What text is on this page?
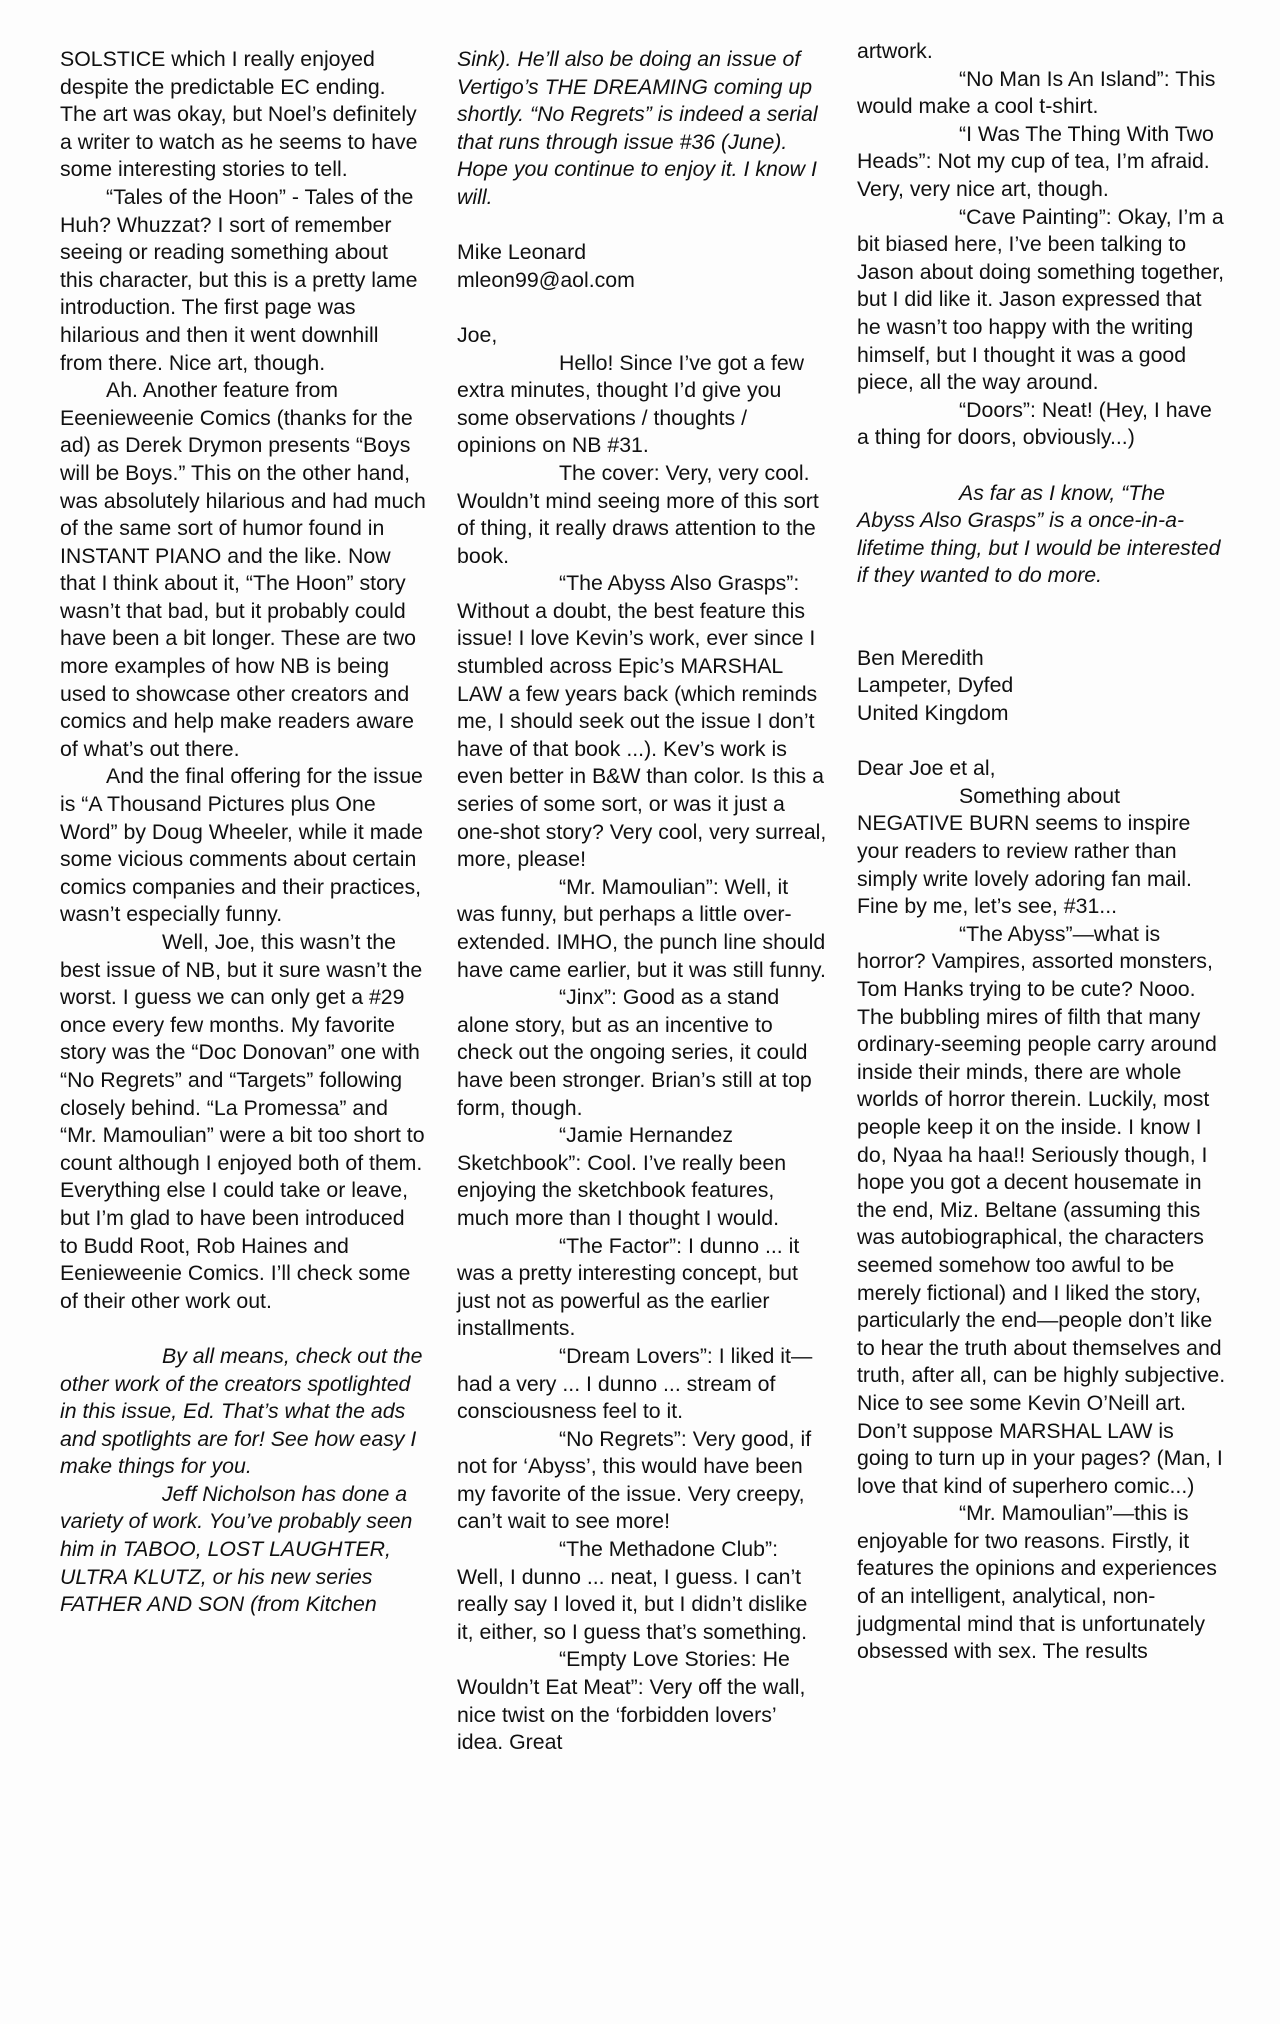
SOLSTICE which I really enjoyed despite the predictable EC ending. The art was okay, but Noel’s definitely a writer to watch as he seems to have some interesting stories to tell.

“Tales of the Hoon” - Tales of the Huh? Whuzzat? I sort of remember seeing or reading something about this character, but this is a pretty lame introduction. The first page was hilarious and then it went downhill from there. Nice art, though.

Ah. Another feature from Eeenieweenie Comics (thanks for the ad) as Derek Drymon presents “Boys will be Boys.” This on the other hand, was absolutely hilarious and had much of the same sort of humor found in INSTANT PIANO and the like. Now that I think about it, “The Hoon” story wasn’t that bad, but it probably could have been a bit longer. These are two more examples of how NB is being used to showcase other creators and comics and help make readers aware of what’s out there.

And the final offering for the issue is “A Thousand Pictures plus One Word” by Doug Wheeler, while it made some vicious comments about certain comics companies and their practices, wasn’t especially funny.

Well, Joe, this wasn’t the best issue of NB, but it sure wasn’t the worst. I guess we can only get a #29 once every few months. My favorite story was the “Doc Donovan” one with “No Regrets” and “Targets” following closely behind. “La Promessa” and “Mr. Mamoulian” were a bit too short to count although I enjoyed both of them. Everything else I could take or leave, but I’m glad to have been introduced to Budd Root, Rob Haines and Eenieweenie Comics. I’ll check some of their other work out.

By all means, check out the other work of the creators spotlighted in this issue, Ed. That’s what the ads and spotlights are for! See how easy I make things for you.

Jeff Nicholson has done a variety of work. You’ve probably seen him in TABOO, LOST LAUGHTER, ULTRA KLUTZ, or his new series FATHER AND SON (from Kitchen

Sink). He’ll also be doing an issue of Vertigo’s THE DREAMING coming up shortly. “No Regrets” is indeed a serial that runs through issue #36 (June). Hope you continue to enjoy it. I know I will.

Mike Leonard

mleon99@aol.com

Joe,

Hello! Since I’ve got a few extra minutes, thought I’d give you some observations / thoughts / opinions on NB #31.

The cover: Very, very cool. Wouldn’t mind seeing more of this sort of thing, it really draws attention to the book.

“The Abyss Also Grasps”: Without a doubt, the best feature this issue! I love Kevin’s work, ever since I stumbled across Epic’s MARSHAL LAW a few years back (which reminds me, I should seek out the issue I don’t have of that book ...). Kev’s work is even better in B&W than color. Is this a series of some sort, or was it just a one-shot story? Very cool, very surreal, more, please!

“Mr. Mamoulian”: Well, it was funny, but perhaps a little over-extended. IMHO, the punch line should have came earlier, but it was still funny.

“Jinx”: Good as a stand alone story, but as an incentive to check out the ongoing series, it could have been stronger. Brian’s still at top form, though.

“Jamie Hernandez Sketchbook”: Cool. I’ve really been enjoying the sketchbook features, much more than I thought I would.

“The Factor”: I dunno ... it was a pretty interesting concept, but just not as powerful as the earlier installments.

“Dream Lovers”: I liked it—had a very ... I dunno ... stream of consciousness feel to it.

“No Regrets”: Very good, if not for ‘Abyss’, this would have been my favorite of the issue. Very creepy, can’t wait to see more!

“The Methadone Club”: Well, I dunno ... neat, I guess. I can’t really say I loved it, but I didn’t dislike it, either, so I guess that’s something.

“Empty Love Stories: He Wouldn’t Eat Meat”: Very off the wall, nice twist on the ‘forbidden lovers’ idea. Great

artwork.

“No Man Is An Island”: This would make a cool t-shirt.

“I Was The Thing With Two Heads”: Not my cup of tea, I’m afraid. Very, very nice art, though.

“Cave Painting”: Okay, I’m a bit biased here, I’ve been talking to Jason about doing something together, but I did like it. Jason expressed that he wasn’t too happy with the writing himself, but I thought it was a good piece, all the way around.

“Doors”: Neat! (Hey, I have a thing for doors, obviously...)

As far as I know, “The Abyss Also Grasps” is a once-in-a-lifetime thing, but I would be interested if they wanted to do more.

Ben Meredith

Lampeter, Dyfed

United Kingdom

Dear Joe et al,

Something about NEGATIVE BURN seems to inspire your readers to review rather than simply write lovely adoring fan mail. Fine by me, let’s see, #31...

“The Abyss”—what is horror? Vampires, assorted monsters, Tom Hanks trying to be cute? Nooo. The bubbling mires of filth that many ordinary-seeming people carry around inside their minds, there are whole worlds of horror therein. Luckily, most people keep it on the inside. I know I do, Nyaa ha haa!! Seriously though, I hope you got a decent housemate in the end, Miz. Beltane (assuming this was autobiographical, the characters seemed somehow too awful to be merely fictional) and I liked the story, particularly the end—people don’t like to hear the truth about themselves and truth, after all, can be highly subjective. Nice to see some Kevin O’Neill art. Don’t suppose MARSHAL LAW is going to turn up in your pages? (Man, I love that kind of superhero comic...)

“Mr. Mamoulian”—this is enjoyable for two reasons. Firstly, it features the opinions and experiences of an intelligent, analytical, non-judgmental mind that is unfortunately obsessed with sex. The results
